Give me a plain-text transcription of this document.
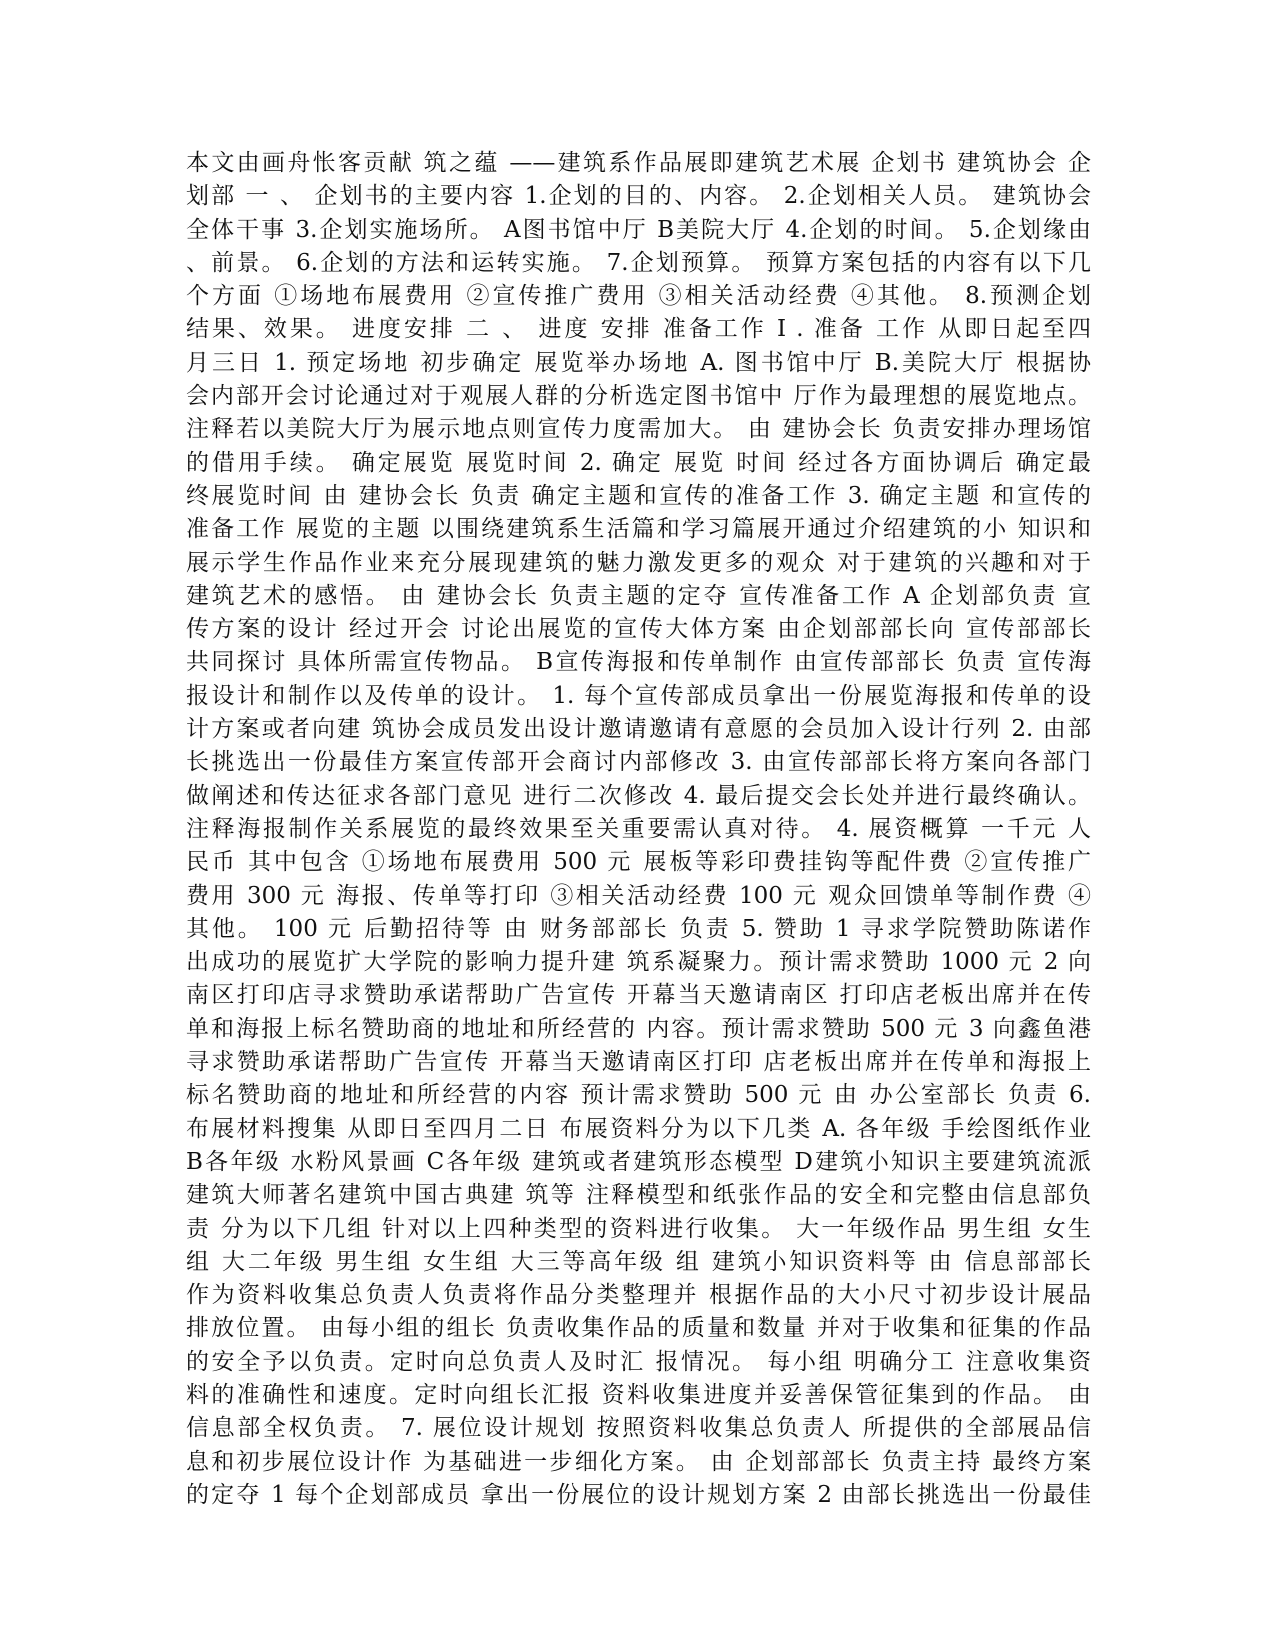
本文由画舟怅客贡献 筑之蕴 ——建筑系作品展即建筑艺术展 企划书 建筑协会 企
划部 一 、 企划书的主要内容 1.企划的目的、内容。 2.企划相关人员。 建筑协会
全体干事 3.企划实施场所。 A图书馆中厅 B美院大厅 4.企划的时间。 5.企划缘由
、前景。 6.企划的方法和运转实施。 7.企划预算。 预算方案包括的内容有以下几
个方面 ①场地布展费用 ②宣传推广费用 ③相关活动经费 ④其他。 8.预测企划
结果、效果。 进度安排 二 、 进度 安排 准备工作 I . 准备 工作 从即日起至四
月三日 1. 预定场地 初步确定 展览举办场地 A. 图书馆中厅 B.美院大厅 根据协
会内部开会讨论通过对于观展人群的分析选定图书馆中 厅作为最理想的展览地点。
注释若以美院大厅为展示地点则宣传力度需加大。 由 建协会长 负责安排办理场馆
的借用手续。 确定展览 展览时间 2. 确定 展览 时间 经过各方面协调后 确定最
终展览时间 由 建协会长 负责 确定主题和宣传的准备工作 3. 确定主题 和宣传的
准备工作 展览的主题 以围绕建筑系生活篇和学习篇展开通过介绍建筑的小 知识和
展示学生作品作业来充分展现建筑的魅力激发更多的观众 对于建筑的兴趣和对于
建筑艺术的感悟。 由 建协会长 负责主题的定夺 宣传准备工作 A 企划部负责 宣
传方案的设计 经过开会 讨论出展览的宣传大体方案 由企划部部长向 宣传部部长
共同探讨 具体所需宣传物品。 B宣传海报和传单制作 由宣传部部长 负责 宣传海
报设计和制作以及传单的设计。 1. 每个宣传部成员拿出一份展览海报和传单的设
计方案或者向建 筑协会成员发出设计邀请邀请有意愿的会员加入设计行列 2. 由部
长挑选出一份最佳方案宣传部开会商讨内部修改 3. 由宣传部部长将方案向各部门
做阐述和传达征求各部门意见 进行二次修改 4. 最后提交会长处并进行最终确认。
注释海报制作关系展览的最终效果至关重要需认真对待。 4. 展资概算 一千元 人
民币 其中包含 ①场地布展费用 500 元 展板等彩印费挂钩等配件费 ②宣传推广
费用 300 元 海报、传单等打印 ③相关活动经费 100 元 观众回馈单等制作费 ④
其他。 100 元 后勤招待等 由 财务部部长 负责 5. 赞助 1 寻求学院赞助陈诺作
出成功的展览扩大学院的影响力提升建 筑系凝聚力。预计需求赞助 1000 元 2 向
南区打印店寻求赞助承诺帮助广告宣传 开幕当天邀请南区 打印店老板出席并在传
单和海报上标名赞助商的地址和所经营的 内容。预计需求赞助 500 元 3 向鑫鱼港
寻求赞助承诺帮助广告宣传 开幕当天邀请南区打印 店老板出席并在传单和海报上
标名赞助商的地址和所经营的内容 预计需求赞助 500 元 由 办公室部长 负责 6.
布展材料搜集 从即日至四月二日 布展资料分为以下几类 A. 各年级 手绘图纸作业
B各年级 水粉风景画 C各年级 建筑或者建筑形态模型 D建筑小知识主要建筑流派
建筑大师著名建筑中国古典建 筑等 注释模型和纸张作品的安全和完整由信息部负
责 分为以下几组 针对以上四种类型的资料进行收集。 大一年级作品 男生组 女生
组 大二年级 男生组 女生组 大三等高年级 组 建筑小知识资料等 由 信息部部长
作为资料收集总负责人负责将作品分类整理并 根据作品的大小尺寸初步设计展品
排放位置。 由每小组的组长 负责收集作品的质量和数量 并对于收集和征集的作品
的安全予以负责。定时向总负责人及时汇 报情况。 每小组 明确分工 注意收集资
料的准确性和速度。定时向组长汇报 资料收集进度并妥善保管征集到的作品。 由
信息部全权负责。 7. 展位设计规划 按照资料收集总负责人 所提供的全部展品信
息和初步展位设计作 为基础进一步细化方案。 由 企划部部长 负责主持 最终方案
的定夺 1 每个企划部成员 拿出一份展位的设计规划方案 2 由部长挑选出一份最佳
